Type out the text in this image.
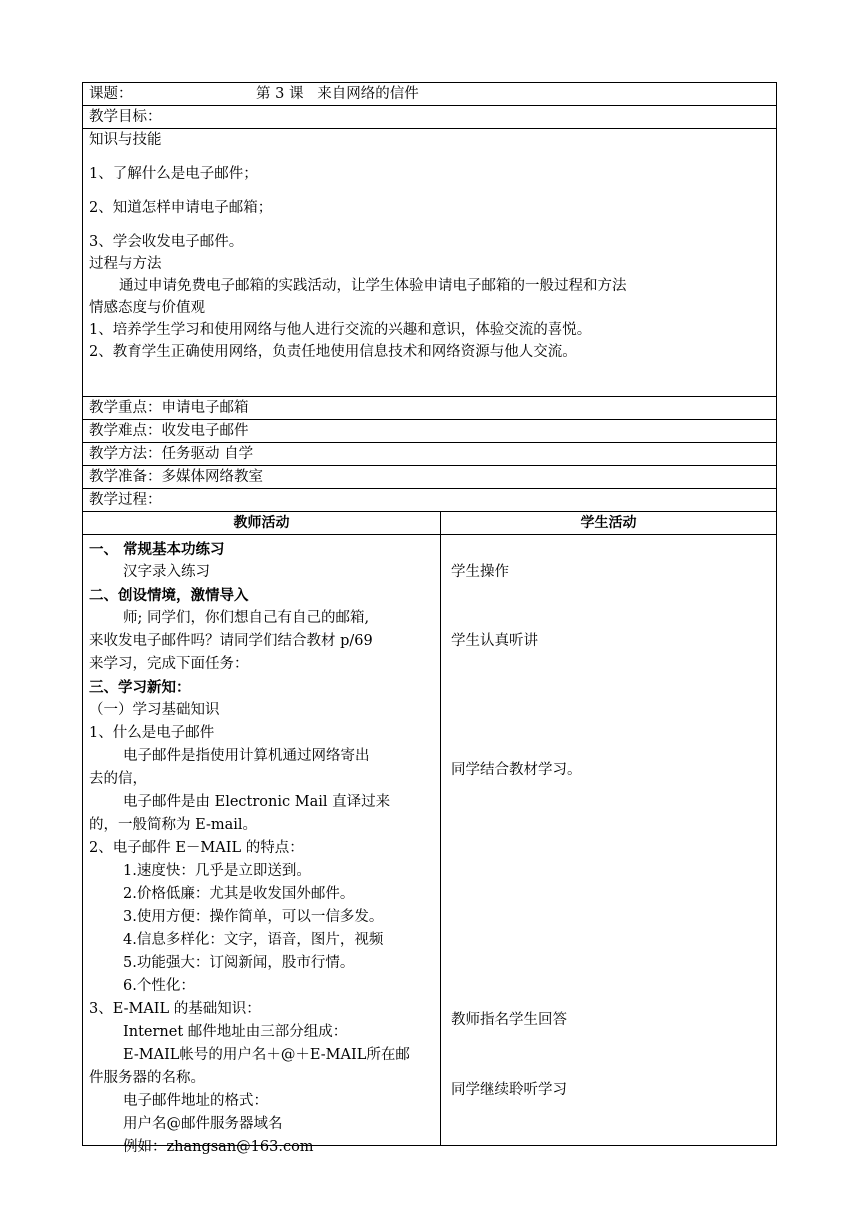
课题：	第 3 课   来自网络的信件
教学目标：

知识与技能

1、了解什么是电子邮件；

2、知道怎样申请电子邮箱；

3、学会收发电子邮件。

过程与方法

通过申请免费电子邮箱的实践活动，让学生体验申请电子邮箱的一般过程和方法

情感态度与价值观

1、培养学生学习和使用网络与他人进行交流的兴趣和意识，体验交流的喜悦。

2、教育学生正确使用网络，负责任地使用信息技术和网络资源与他人交流。

教学重点：申请电子邮箱
教学难点：收发电子邮件
教学方法：任务驱动 自学
教学准备：多媒体网络教室
教学过程：
教师活动	学生活动
一、 常规基本功练习
汉字录入练习
二、创设情境，激情导入
师; 同学们，你们想自己有自己的邮箱,
来收发电子邮件吗？请同学们结合教材 p/69
来学习，完成下面任务：
三、学习新知：
（一）学习基础知识
1、什么是电子邮件
电子邮件是指使用计算机通过网络寄出
去的信，
电子邮件是由 Electronic Mail 直译过来
的，一般简称为 E-mail。
2、电子邮件 E－MAIL 的特点：
1.速度快：几乎是立即送到。
2.价格低廉：尤其是收发国外邮件。
3.使用方便：操作简单，可以一信多发。
4.信息多样化：文字，语音，图片，视频
5.功能强大：订阅新闻，股市行情。
6.个性化：
3、E-MAIL 的基础知识：
Internet 邮件地址由三部分组成：
E-MAIL帐号的用户名＋@＋E-MAIL所在邮
件服务器的名称。
电子邮件地址的格式：
用户名@邮件服务器域名
例如：zhangsan@163.com
学生操作
学生认真听讲
同学结合教材学习。
教师指名学生回答
同学继续聆听学习
